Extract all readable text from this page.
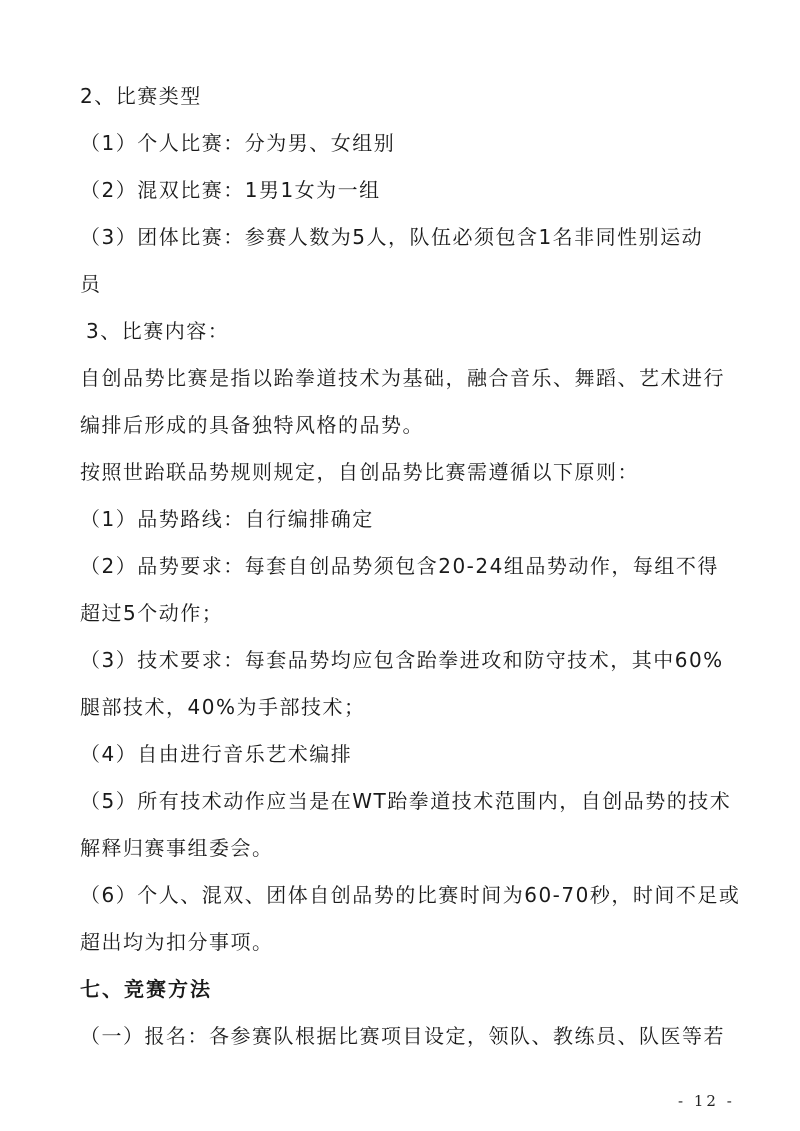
2、比赛类型
（1）个人比赛：分为男、女组别
（2）混双比赛：1男1女为一组
（3）团体比赛：参赛人数为5人，队伍必须包含1名非同性别运动
员
3、比赛内容：
自创品势比赛是指以跆拳道技术为基础，融合音乐、舞蹈、艺术进行
编排后形成的具备独特风格的品势。
按照世跆联品势规则规定，自创品势比赛需遵循以下原则：
（1）品势路线：自行编排确定
（2）品势要求：每套自创品势须包含20-24组品势动作，每组不得
超过5个动作；
（3）技术要求：每套品势均应包含跆拳进攻和防守技术，其中60%
腿部技术，40%为手部技术；
（4）自由进行音乐艺术编排
（5）所有技术动作应当是在WT跆拳道技术范围内，自创品势的技术
解释归赛事组委会。
（6）个人、混双、团体自创品势的比赛时间为60-70秒，时间不足或
超出均为扣分事项。
七、竞赛方法
（一）报名：各参赛队根据比赛项目设定，领队、教练员、队医等若
- 12 -
